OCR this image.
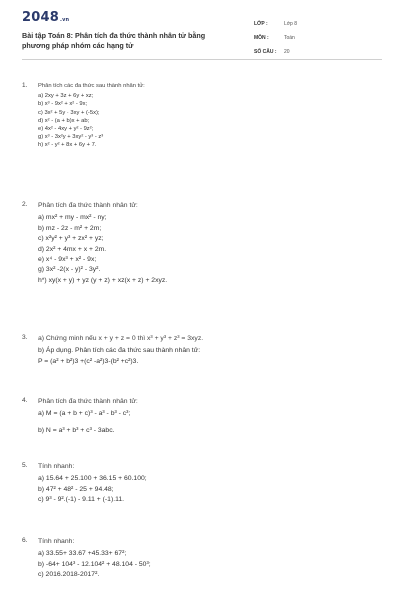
2048.vn
Bài tập Toán 8: Phân tích đa thức thành nhân tử bằng phương pháp nhóm các hạng tử
LỚP :	Lớp 8
MÔN :	Toán
SỐ CÂU :	20
1. Phân tích các đa thức sau thành nhân tử:
a) 2xy + 3z + 6y + xz;
b) x³ - 9x² + x² - 9x;
c) 3x² + 5y · 3xy + (-5x);
d) x² - (a + b)x + ab;
e) 4x² - 4xy + y² - 9z²;
g) x³ - 3x²y + 3xy² - y³ - z³
h) x² - y² + 8x + 6y + 7.
2. Phân tích đa thức thành nhân tử:
a) mx² + my - mx² - ny;
b) mz - 2z - m² + 2m;
c) x²y² + y³ + zx² + yz;
d) 2x² + 4mx + x + 2m.
e) x⁴ - 9x³ + x² - 9x;
g) 3x² -2(x - y)² - 3y².
h*) xy(x + y) + yz (y + z) + xz(x + z) + 2xyz.
3. a) Chứng minh nếu x + y + z = 0 thì x³ + y³ + z³ = 3xyz.
b) Áp dụng. Phân tích các đa thức sau thành nhân tử:
P = (a² + b²)3 +(c² -a²)3-(b² +c²)3.
4. Phân tích đa thức thành nhân tử:
a) M = (a + b + c)³ - a³ - b³ - c³;
b) N = a³ + b³ + c³ - 3abc.
5. Tính nhanh:
a) 15.64 + 25.100 + 36.15 + 60.100;
b) 47² + 48² - 25 + 94.48;
c) 9³ - 9².(-1) - 9.11 + (-1).11.
6. Tính nhanh:
a) 33.55+ 33.67 +45.33+ 67²;
b) -64+ 104³ - 12.104² + 48.104 - 50³;
c) 2016.2018-2017².
